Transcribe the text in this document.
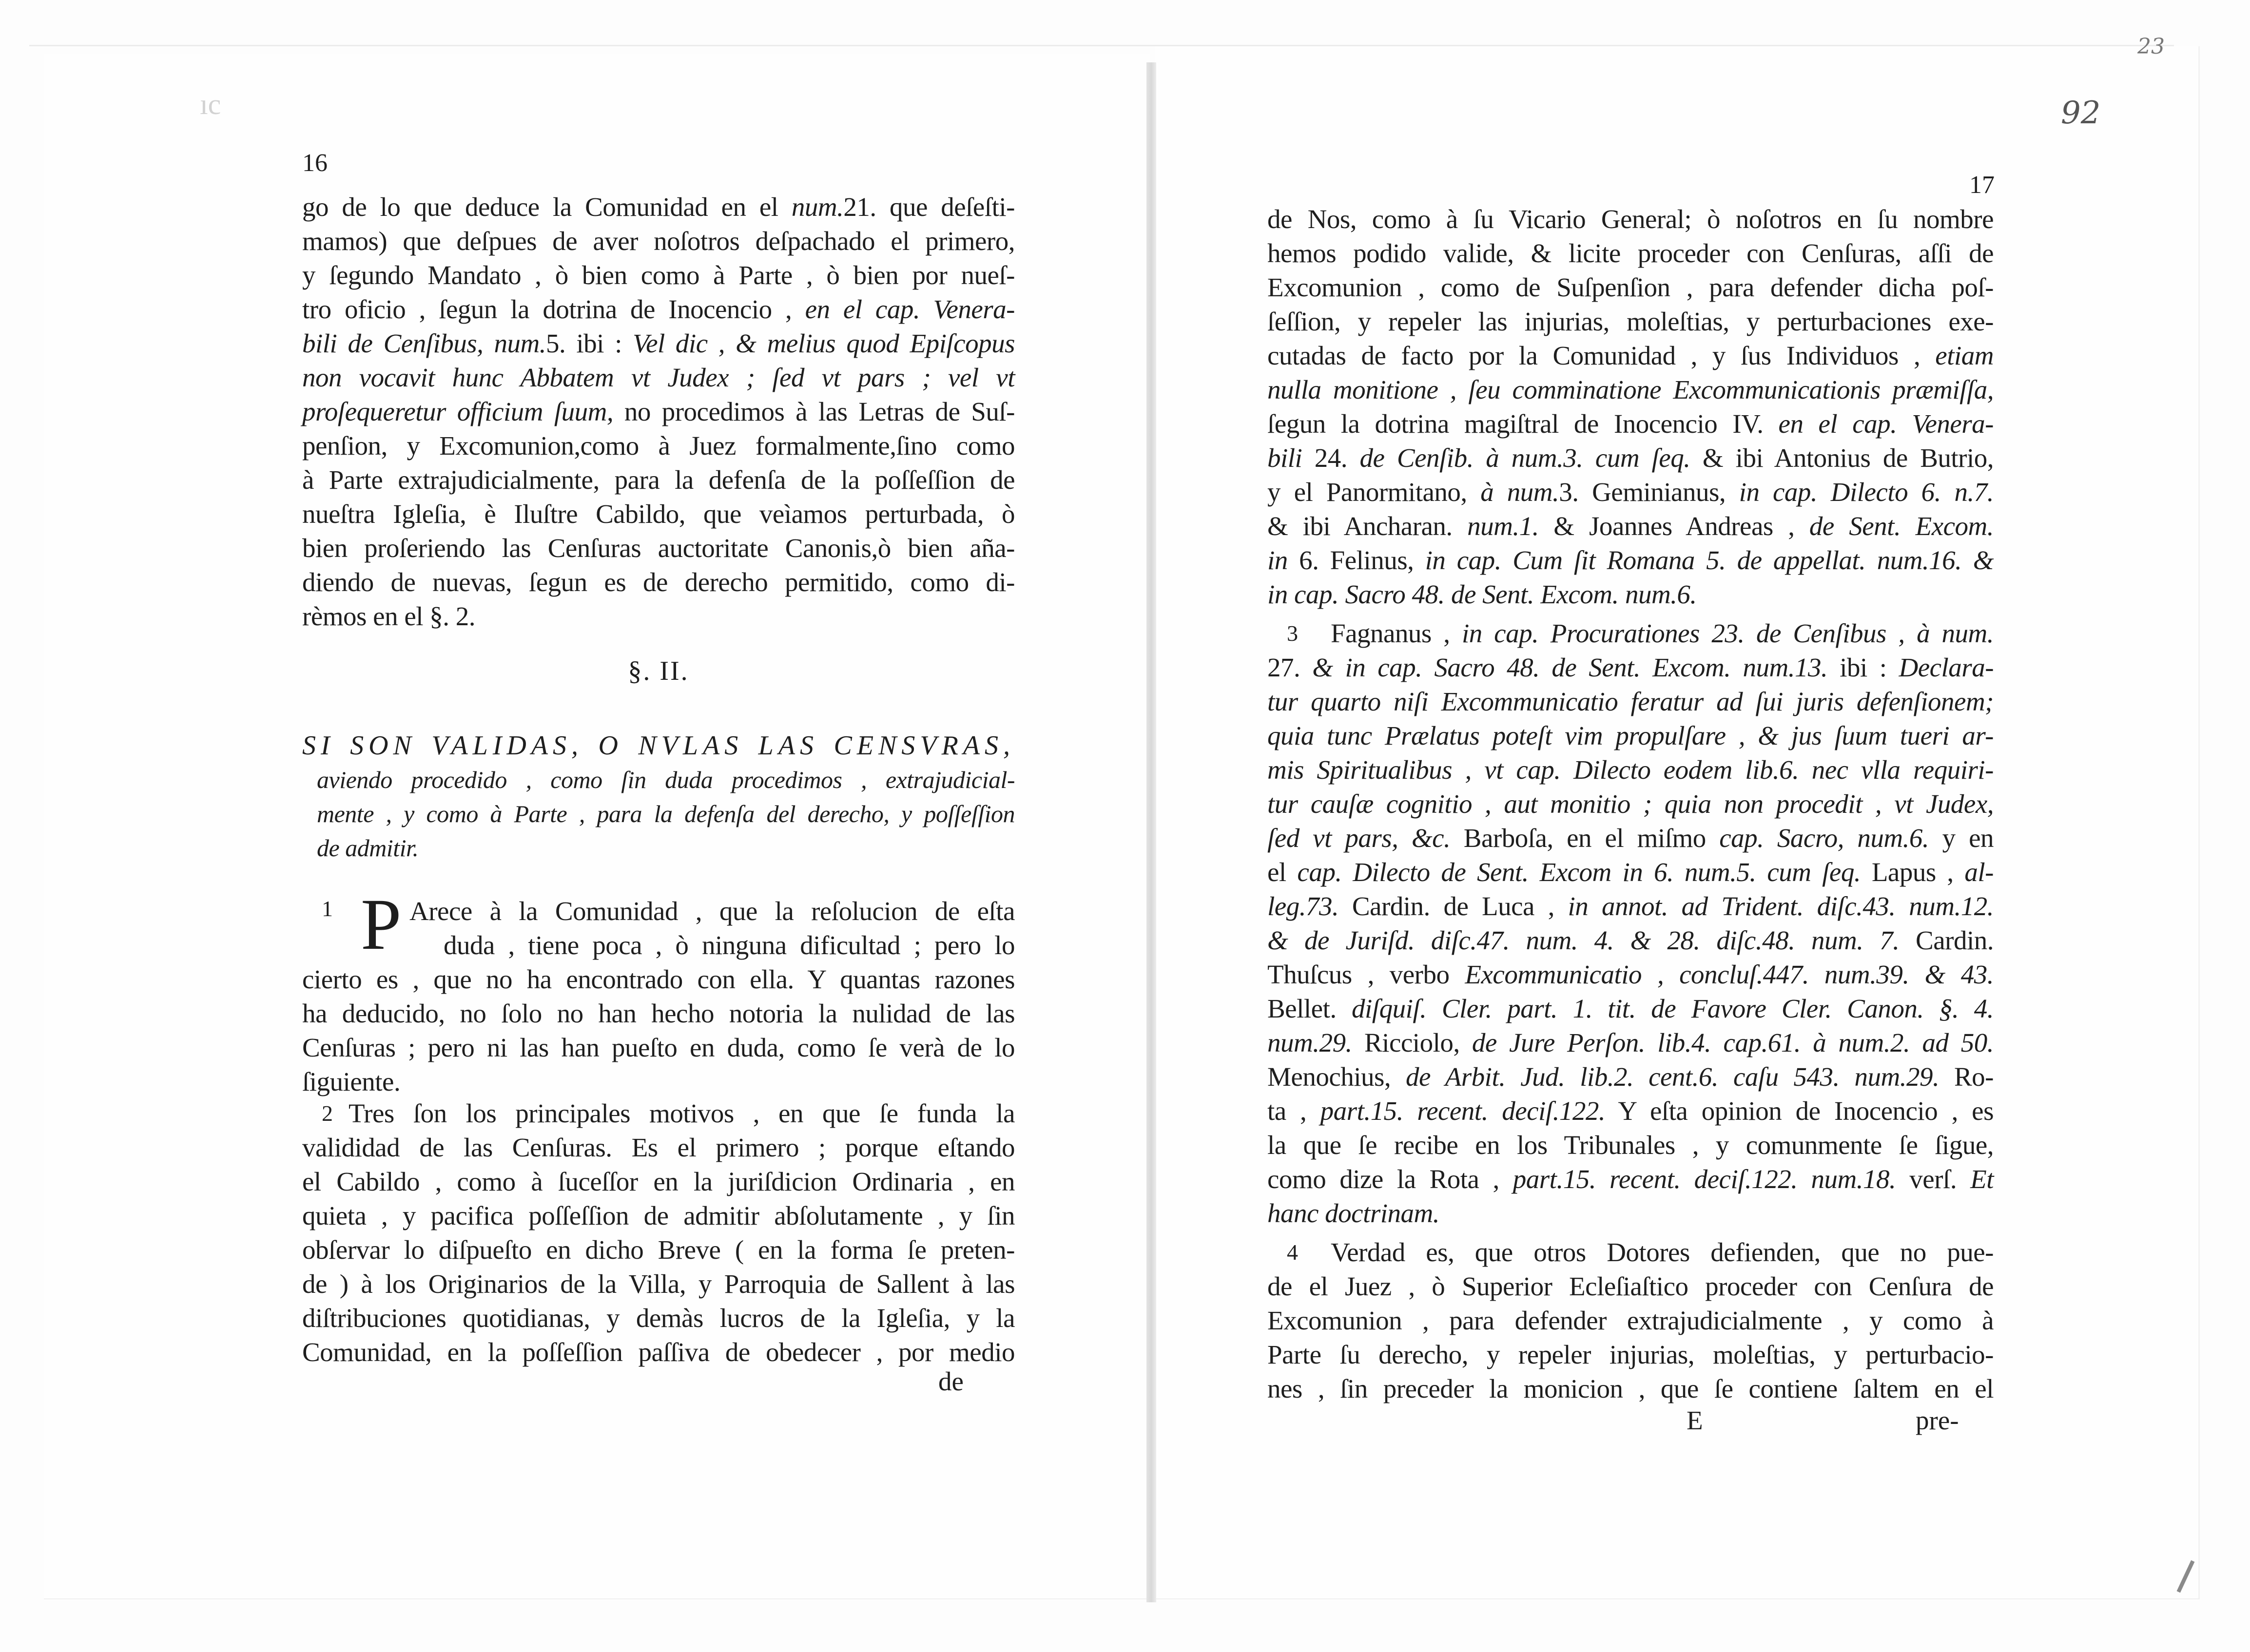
ıc
16
go de lo que deduce la Comunidad en el num.21. que deſeſti-
mamos) que deſpues de aver noſotros deſpachado el primero,
y ſegundo Mandato , ò bien como à Parte , ò bien por nueſ-
tro oficio , ſegun la dotrina de Inocencio , en el cap. Venera-
bili de Cenſibus, num.5. ibi : Vel dic , & melius quod Epiſcopus
non vocavit hunc Abbatem vt Judex ; ſed vt pars ; vel vt
proſequeretur officium ſuum, no procedimos à las Letras de Suſ-
penſion, y Excomunion,como à Juez formalmente,ſino como
à Parte extrajudicialmente, para la defenſa de la poſſeſſion de
nueſtra Igleſia, è Iluſtre Cabildo, que veìamos perturbada, ò
bien proſeriendo las Cenſuras auctoritate Canonis,ò bien aña-
diendo de nuevas, ſegun es de derecho permitido, como di-
rèmos en el §. 2.
§. II.
SI SON VALIDAS, O NVLAS LAS CENSVRAS,
aviendo procedido , como ſin duda procedimos , extrajudicial-
mente , y como à Parte , para la defenſa del derecho, y poſſeſſion
de admitir.
1 P Arece à la Comunidad , que la reſolucion de eſta
duda , tiene poca , ò ninguna dificultad ; pero lo
cierto es , que no ha encontrado con ella. Y quantas razones
ha deducido, no ſolo no han hecho notoria la nulidad de las
Cenſuras ; pero ni las han pueſto en duda, como ſe verà de lo
ſiguiente.
2 Tres ſon los principales motivos , en que ſe funda la
valididad de las Cenſuras. Es el primero ; porque eſtando
el Cabildo , como à ſuceſſor en la juriſdicion Ordinaria , en
quieta , y pacifica poſſeſſion de admitir abſolutamente , y ſin
obſervar lo diſpueſto en dicho Breve ( en la forma ſe preten-
de ) à los Originarios de la Villa, y Parroquia de Sallent à las
diſtribuciones quotidianas, y demàs lucros de la Igleſia, y la
Comunidad, en la poſſeſſion paſſiva de obedecer , por medio
de
17
92
23
de Nos, como à ſu Vicario General; ò noſotros en ſu nombre
hemos podido valide, & licite proceder con Cenſuras, aſſi de
Excomunion , como de Suſpenſion , para defender dicha poſ-
ſeſſion, y repeler las injurias, moleſtias, y perturbaciones exe-
cutadas de facto por la Comunidad , y ſus Individuos , etiam
nulla monitione , ſeu comminatione Excommunicationis præmiſſa,
ſegun la dotrina magiſtral de Inocencio IV. en el cap. Venera-
bili 24. de Cenſib. à num.3. cum ſeq. & ibi Antonius de Butrio,
y el Panormitano, à num.3. Geminianus, in cap. Dilecto 6. n.7.
& ibi Ancharan. num.1. & Joannes Andreas , de Sent. Excom.
in 6. Felinus, in cap. Cum ſit Romana 5. de appellat. num.16. &
in cap. Sacro 48. de Sent. Excom. num.6.
3 Fagnanus , in cap. Procurationes 23. de Cenſibus , à num.
27. & in cap. Sacro 48. de Sent. Excom. num.13. ibi : Declara-
tur quarto niſi Excommunicatio feratur ad ſui juris defenſionem;
quia tunc Prælatus poteſt vim propulſare , & jus ſuum tueri ar-
mis Spiritualibus , vt cap. Dilecto eodem lib.6. nec vlla requiri-
tur cauſæ cognitio , aut monitio ; quia non procedit , vt Judex,
ſed vt pars, &c. Barboſa, en el miſmo cap. Sacro, num.6. y en
el cap. Dilecto de Sent. Excom in 6. num.5. cum ſeq. Lapus , al-
leg.73. Cardin. de Luca , in annot. ad Trident. diſc.43. num.12.
& de Juriſd. diſc.47. num. 4. & 28. diſc.48. num. 7. Cardin.
Thuſcus , verbo Excommunicatio , concluſ.447. num.39. & 43.
Bellet. diſquiſ. Cler. part. 1. tit. de Favore Cler. Canon. §. 4.
num.29. Ricciolo, de Jure Perſon. lib.4. cap.61. à num.2. ad 50.
Menochius, de Arbit. Jud. lib.2. cent.6. caſu 543. num.29. Ro-
ta , part.15. recent. deciſ.122. Y eſta opinion de Inocencio , es
la que ſe recibe en los Tribunales , y comunmente ſe ſigue,
como dize la Rota , part.15. recent. deciſ.122. num.18. verſ. Et
hanc doctrinam.
4 Verdad es, que otros Dotores defienden, que no pue-
de el Juez , ò Superior Ecleſiaſtico proceder con Cenſura de
Excomunion , para defender extrajudicialmente , y como à
Parte ſu derecho, y repeler injurias, moleſtias, y perturbacio-
nes , ſin preceder la monicion , que ſe contiene ſaltem en el
E	pre-
